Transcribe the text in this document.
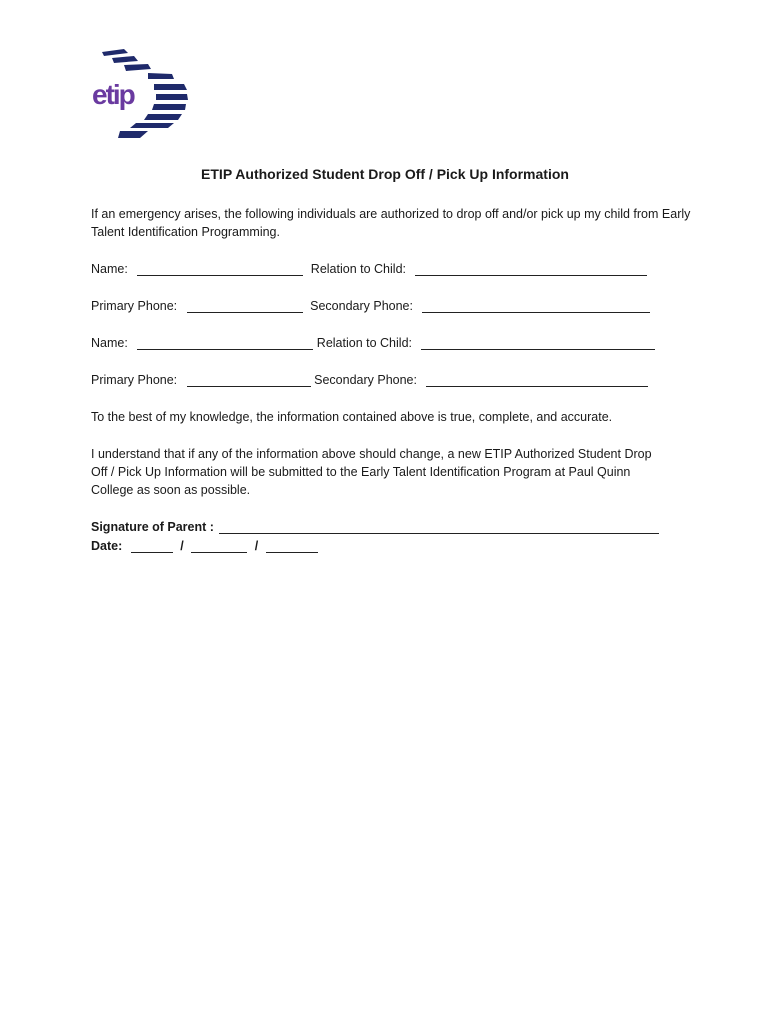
etip
ETIP Authorized Student Drop Off / Pick Up Information
If an emergency arises, the following individuals are authorized to drop off and/or pick up my child from Early Talent Identification Programming.
Name:	Relation to Child:
Primary Phone:	Secondary Phone:
Name:	Relation to Child:
Primary Phone:	Secondary Phone:
To the best of my knowledge, the information contained above is true, complete, and accurate.
I understand that if any of the information above should change, a new ETIP Authorized Student Drop Off / Pick Up Information will be submitted to the Early Talent Identification Program at Paul Quinn College as soon as possible.
Signature of Parent :
Date:	/	/
